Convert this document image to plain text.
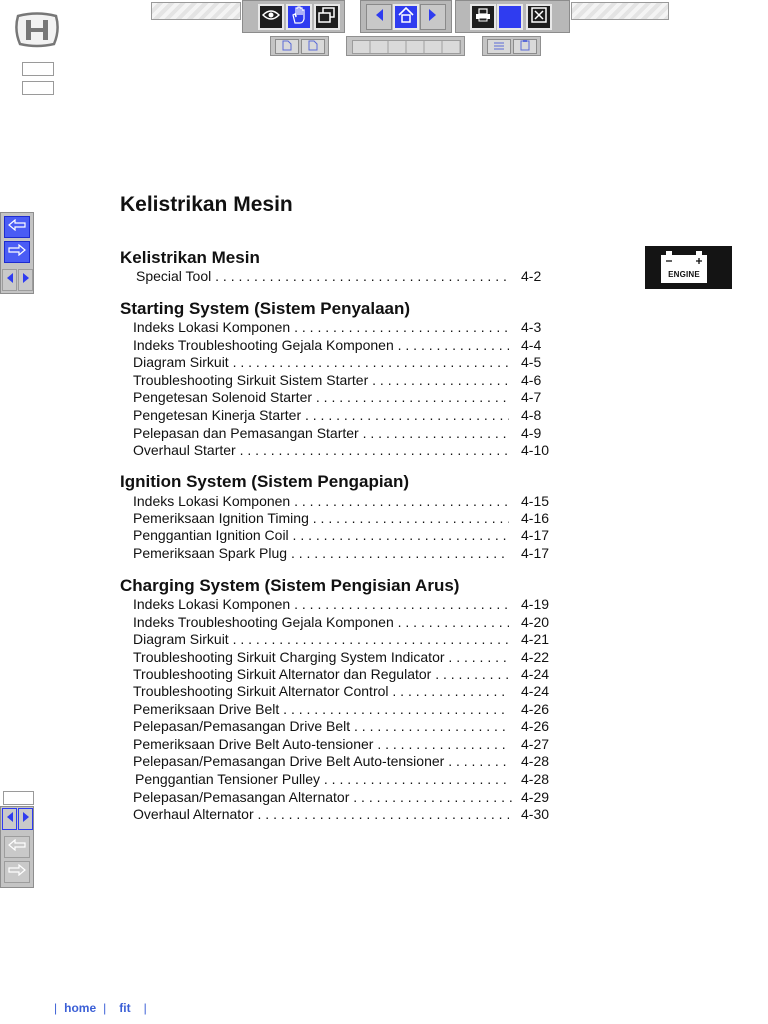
ENGINE
Kelistrikan Mesin
Kelistrikan Mesin
Special Tool . . .	4-2
Starting System (Sistem Penyalaan)
Indeks Lokasi Komponen . . .	4-3
Indeks Troubleshooting Gejala Komponen . . .	4-4
Diagram Sirkuit . . .	4-5
Troubleshooting Sirkuit Sistem Starter . . .	4-6
Pengetesan Solenoid Starter . . .	4-7
Pengetesan Kinerja Starter . . .	4-8
Pelepasan dan Pemasangan Starter . . .	4-9
Overhaul Starter . . .	4-10
Ignition System (Sistem Pengapian)
Indeks Lokasi Komponen . . .	4-15
Pemeriksaan Ignition Timing . . .	4-16
Penggantian Ignition Coil . . .	4-17
Pemeriksaan Spark Plug . . .	4-17
Charging System (Sistem Pengisian Arus)
Indeks Lokasi Komponen . . .	4-19
Indeks Troubleshooting Gejala Komponen . . .	4-20
Diagram Sirkuit . . .	4-21
Troubleshooting Sirkuit Charging System Indicator . . .	4-22
Troubleshooting Sirkuit Alternator dan Regulator . . .	4-24
Troubleshooting Sirkuit Alternator Control . . .	4-24
Pemeriksaan Drive Belt . . .	4-26
Pelepasan/Pemasangan Drive Belt . . .	4-26
Pemeriksaan Drive Belt Auto-tensioner . . .	4-27
Pelepasan/Pemasangan Drive Belt Auto-tensioner . . .	4-28
Penggantian Tensioner Pulley . . .	4-28
Pelepasan/Pemasangan Alternator . . .	4-29
Overhaul Alternator . . .	4-30
| home | fit |
